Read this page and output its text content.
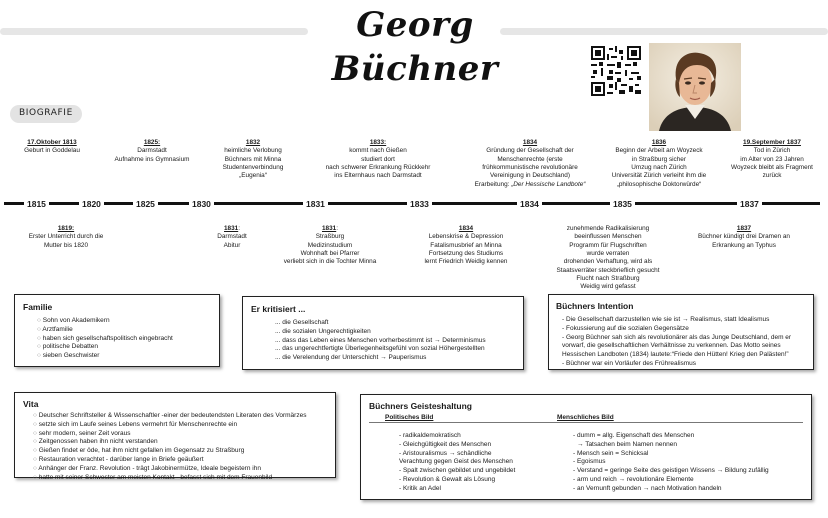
Georg Büchner
BIOGRAFIE
17.Oktober 1813
Geburt in Goddelau
1825:
Darmstadt
Aufnahme ins Gymnasium
1832
heimliche Verlobung
Büchners mit Minna
Studentenverbindung
„Eugenia“
1833:
kommt nach Gießen
studiert dort
nach schwerer Erkrankung Rückkehr
ins Elternhaus nach Darmstadt
1834
Gründung der Gesellschaft der
Menschenrechte (erste
frühkommunistische revolutionäre
Vereinigung in Deutschland)
Erarbeitung: „Der Hessische Landbote“
1836
Beginn der Arbeit am Woyzeck
in Straßburg sicher
Umzug nach Zürich
Universität Zürich verleiht ihm die
„philosophische Doktorwürde“
19.September 1837
Tod in Zürich
im Alter von 23 Jahren
Woyzeck bleibt als Fragment
zurück
1815	1820	1825	1830	1831	1833	1834	1835	1837
1819:
Erster Unterricht durch die
Mutter bis 1820
1831:
Darmstadt
Abitur
1831:
Straßburg
Medizinstudium
Wohnhaft bei Pfarrer
verliebt sich in die Tochter Minna
1834
Lebenskrise & Depression
Fatalismusbrief an Minna
Fortsetzung des Studiums
lernt Friedrich Weidig kennen
zunehmende Radikalisierung
beeinflussen Menschen
Programm für Flugschriften
wurde verraten
drohenden Verhaftung, wird als
Staatsverräter steckbrieflich gesucht
Flucht nach Straßburg
Weidig wird gefasst
1837
Büchner kündigt drei Dramen an
Erkrankung an Typhus
Familie
○ Sohn von Akademikern
○ Arztfamilie
○ haben sich gesellschaftspolitisch eingebracht
○ politische Debatten
○ sieben Geschwister
Er kritisiert ...
... die Gesellschaft
... die sozialen Ungerechtigkeiten
... dass das Leben eines Menschen vorherbestimmt ist → Determinismus
... das ungerechtfertigte Überlegenheitsgefühl von sozial Höhergestellten
... die Verelendung der Unterschicht → Pauperismus
Büchners Intention
- Die Gesellschaft darzustellen wie sie ist → Realismus, statt Idealismus
- Fokussierung auf die sozialen Gegensätze
- Georg Büchner sah sich als revolutionärer als das Junge Deutschland, dem er vorwarf, die gesellschaftlichen Verhältnisse zu verkennen. Das Motto seines Hessischen Landboten (1834) lautete:“Friede den Hütten! Krieg den Palästen!”
- Büchner war ein Vorläufer des Frührealismus
Vita
○ Deutscher Schriftsteller & Wissenschaftler -einer der bedeutendsten Literaten des Vormärzes
○ setzte sich im Laufe seines Lebens vermehrt für Menschenrechte ein
○ sehr modern, seiner Zeit voraus
○ Zeitgenossen haben ihn nicht verstanden
○ Gießen findet er öde, hat ihm nicht gefallen im Gegensatz zu Straßburg
○ Restauration verachtet - darüber lange in Briefe geäußert
○ Anhänger der Franz. Revolution - trägt Jakobinermütze, Ideale begeistern ihn
○ hatte mit seiner Schwester am meisten Kontakt - befasst sich mit dem Frauenbild
Büchners Geisteshaltung
Politisches Bild	Menschliches Bild
- radikaldemokratisch
- Gleichgültigkeit des Menschen
- Aristouralismus → schändliche
Verachtung gegen Geist des Menschen
- Spalt zwischen gebildet und ungebildet
- Revolution & Gewalt als Lösung
- Kritik an Adel
- dumm = allg. Eigenschaft des Menschen
→ Tatsachen beim Namen nennen
- Mensch sein = Schicksal
- Egoismus
- Verstand = geringe Seite des geistigen Wissens → Bildung zufällig
- arm und reich → revolutionäre Elemente
- an Vernunft gebunden → nach Motivation handeln
